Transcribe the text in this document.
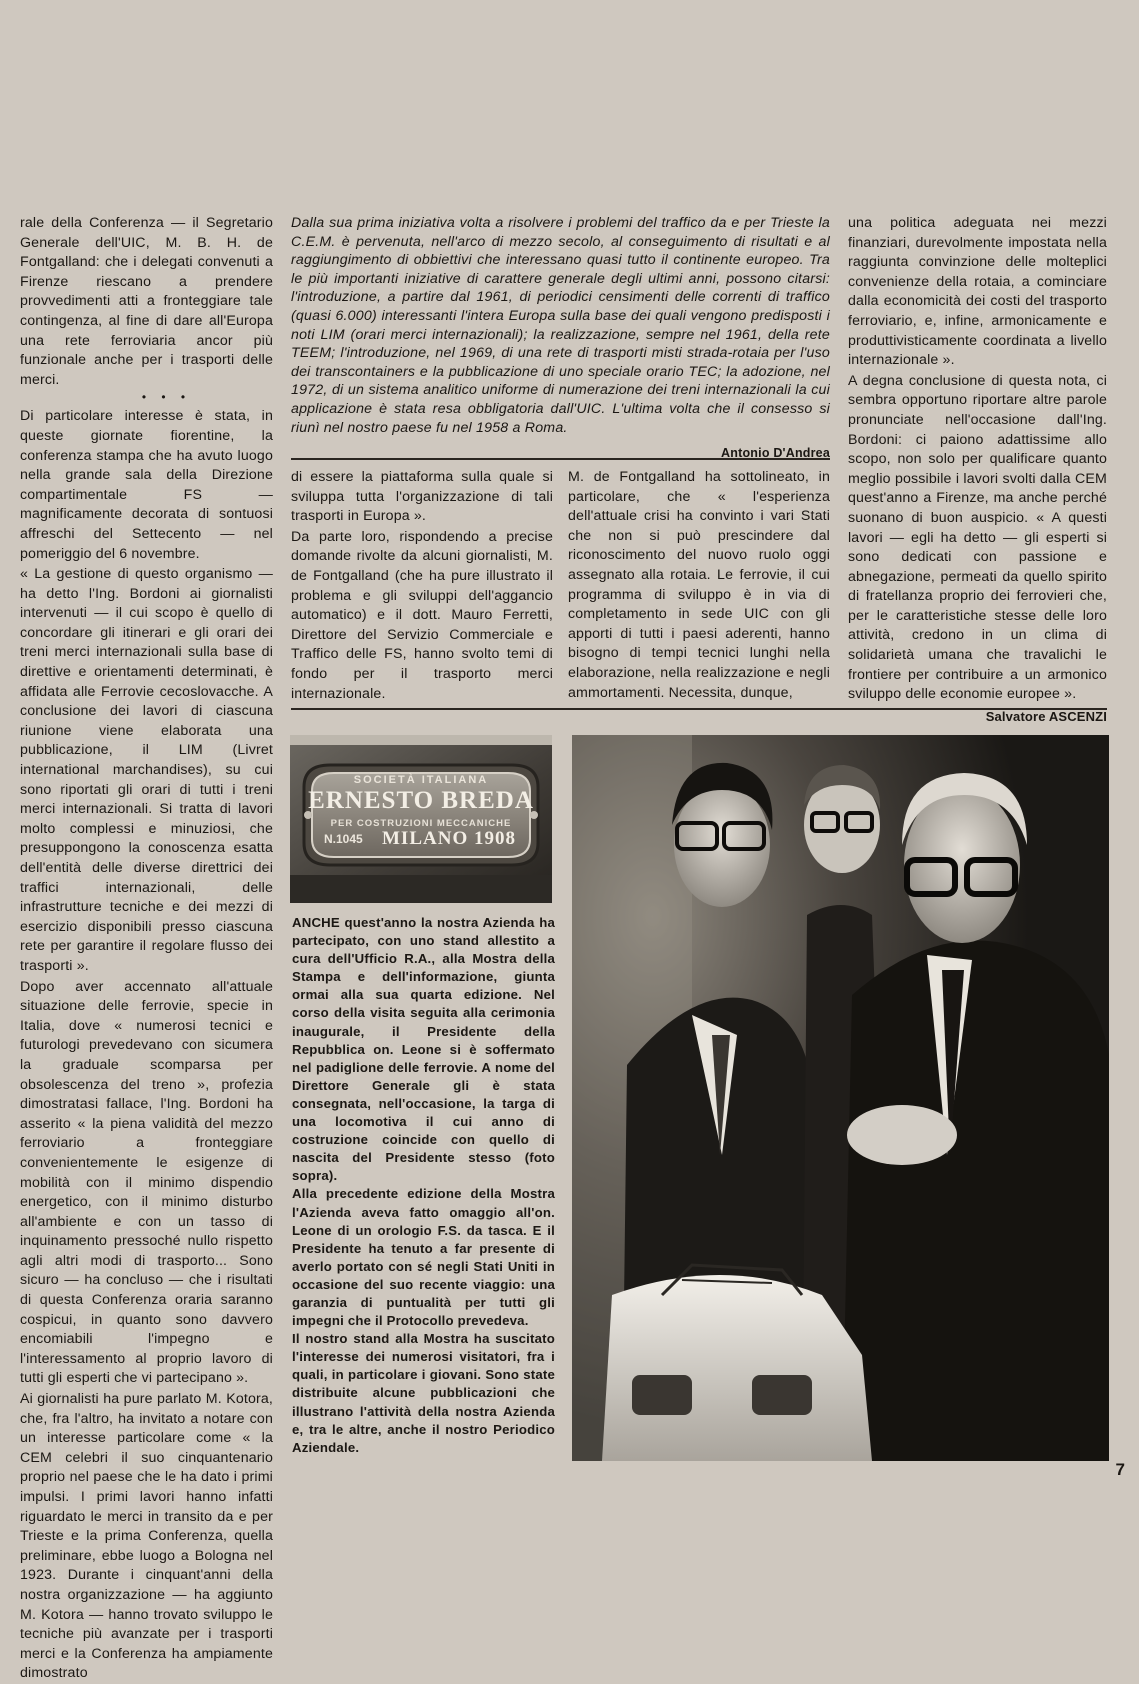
rale della Conferenza — il Segretario Generale dell'UIC, M. B. H. de Fontgalland: che i delegati convenuti a Firenze riescano a prendere provvedimenti atti a fronteggiare tale contingenza, al fine di dare all'Europa una rete ferroviaria ancor più funzionale anche per i trasporti delle merci.

• • •

Di particolare interesse è stata, in queste giornate fiorentine, la conferenza stampa che ha avuto luogo nella grande sala della Direzione compartimentale FS — magnificamente decorata di sontuosi affreschi del Settecento — nel pomeriggio del 6 novembre.

« La gestione di questo organismo — ha detto l'Ing. Bordoni ai giornalisti intervenuti — il cui scopo è quello di concordare gli itinerari e gli orari dei treni merci internazionali sulla base di direttive e orientamenti determinati, è affidata alle Ferrovie cecoslovacche. A conclusione dei lavori di ciascuna riunione viene elaborata una pubblicazione, il LIM (Livret international marchandises), su cui sono riportati gli orari di tutti i treni merci internazionali. Si tratta di lavori molto complessi e minuziosi, che presuppongono la conoscenza esatta dell'entità delle diverse direttrici dei traffici internazionali, delle infrastrutture tecniche e dei mezzi di esercizio disponibili presso ciascuna rete per garantire il regolare flusso dei trasporti ».

Dopo aver accennato all'attuale situazione delle ferrovie, specie in Italia, dove « numerosi tecnici e futurologi prevedevano con sicumera la graduale scomparsa per obsolescenza del treno », profezia dimostratasi fallace, l'Ing. Bordoni ha asserito « la piena validità del mezzo ferroviario a fronteggiare convenientemente le esigenze di mobilità con il minimo dispendio energetico, con il minimo disturbo all'ambiente e con un tasso di inquinamento pressoché nullo rispetto agli altri modi di trasporto... Sono sicuro — ha concluso — che i risultati di questa Conferenza oraria saranno cospicui, in quanto sono davvero encomiabili l'impegno e l'interessamento al proprio lavoro di tutti gli esperti che vi partecipano ».

Ai giornalisti ha pure parlato M. Kotora, che, fra l'altro, ha invitato a notare con un interesse particolare come « la CEM celebri il suo cinquantenario proprio nel paese che le ha dato i primi impulsi. I primi lavori hanno infatti riguardato le merci in transito da e per Trieste e la prima Conferenza, quella preliminare, ebbe luogo a Bologna nel 1923. Durante i cinquant'anni della nostra organizzazione — ha aggiunto M. Kotora — hanno trovato sviluppo le tecniche più avanzate per i trasporti merci e la Conferenza ha ampiamente dimostrato

Dalla sua prima iniziativa volta a risolvere i problemi del traffico da e per Trieste la C.E.M. è pervenuta, nell'arco di mezzo secolo, al conseguimento di risultati e al raggiungimento di obbiettivi che interessano quasi tutto il continente europeo. Tra le più importanti iniziative di carattere generale degli ultimi anni, possono citarsi: l'introduzione, a partire dal 1961, di periodici censimenti delle correnti di traffico (quasi 6.000) interessanti l'intera Europa sulla base dei quali vengono predisposti i noti LIM (orari merci internazionali); la realizzazione, sempre nel 1961, della rete TEEM; l'introduzione, nel 1969, di una rete di trasporti misti strada-rotaia per l'uso dei transcontainers e la pubblicazione di uno speciale orario TEC; la adozione, nel 1972, di un sistema analitico uniforme di numerazione dei treni internazionali la cui applicazione è stata resa obbligatoria dall'UIC. L'ultima volta che il consesso si riunì nel nostro paese fu nel 1958 a Roma.

Antonio D'Andrea

di essere la piattaforma sulla quale si sviluppa tutta l'organizzazione di tali trasporti in Europa ».

Da parte loro, rispondendo a precise domande rivolte da alcuni giornalisti, M. de Fontgalland (che ha pure illustrato il problema e gli sviluppi dell'aggancio automatico) e il dott. Mauro Ferretti, Direttore del Servizio Commerciale e Traffico delle FS, hanno svolto temi di fondo per il trasporto merci internazionale.

M. de Fontgalland ha sottolineato, in particolare, che « l'esperienza dell'attuale crisi ha convinto i vari Stati che non si può prescindere dal riconoscimento del nuovo ruolo oggi assegnato alla rotaia. Le ferrovie, il cui programma di sviluppo è in via di completamento in sede UIC con gli apporti di tutti i paesi aderenti, hanno bisogno di tempi tecnici lunghi nella elaborazione, nella realizzazione e negli ammortamenti. Necessita, dunque,

una politica adeguata nei mezzi finanziari, durevolmente impostata nella raggiunta convinzione delle molteplici convenienze della rotaia, a cominciare dalla economicità dei costi del trasporto ferroviario, e, infine, armonicamente e produttivisticamente coordinata a livello internazionale ».

A degna conclusione di questa nota, ci sembra opportuno riportare altre parole pronunciate nell'occasione dall'Ing. Bordoni: ci paiono adattissime allo scopo, non solo per qualificare quanto meglio possibile i lavori svolti dalla CEM quest'anno a Firenze, ma anche perché suonano di buon auspicio. « A questi lavori — egli ha detto — gli esperti si sono dedicati con passione e abnegazione, permeati da quello spirito di fratellanza proprio dei ferrovieri che, per le caratteristiche stesse delle loro attività, credono in un clima di solidarietà umana che travalichi le frontiere per contribuire a un armonico sviluppo delle economie europee ».

Salvatore ASCENZI

SOCIETÀ ITALIANA
ERNESTO BREDA
PER COSTRUZIONI MECCANICHE
N.1045 MILANO 1908

ANCHE quest'anno la nostra Azienda ha partecipato, con uno stand allestito a cura dell'Ufficio R.A., alla Mostra della Stampa e dell'informazione, giunta ormai alla sua quarta edizione. Nel corso della visita seguita alla cerimonia inaugurale, il Presidente della Repubblica on. Leone si è soffermato nel padiglione delle ferrovie. A nome del Direttore Generale gli è stata consegnata, nell'occasione, la targa di una locomotiva il cui anno di costruzione coincide con quello di nascita del Presidente stesso (foto sopra).

Alla precedente edizione della Mostra l'Azienda aveva fatto omaggio all'on. Leone di un orologio F.S. da tasca. E il Presidente ha tenuto a far presente di averlo portato con sé negli Stati Uniti in occasione del suo recente viaggio: una garanzia di puntualità per tutti gli impegni che il Protocollo prevedeva.

Il nostro stand alla Mostra ha suscitato l'interesse dei numerosi visitatori, fra i quali, in particolare i giovani. Sono state distribuite alcune pubblicazioni che illustrano l'attività della nostra Azienda e, tra le altre, anche il nostro Periodico Aziendale.

7
